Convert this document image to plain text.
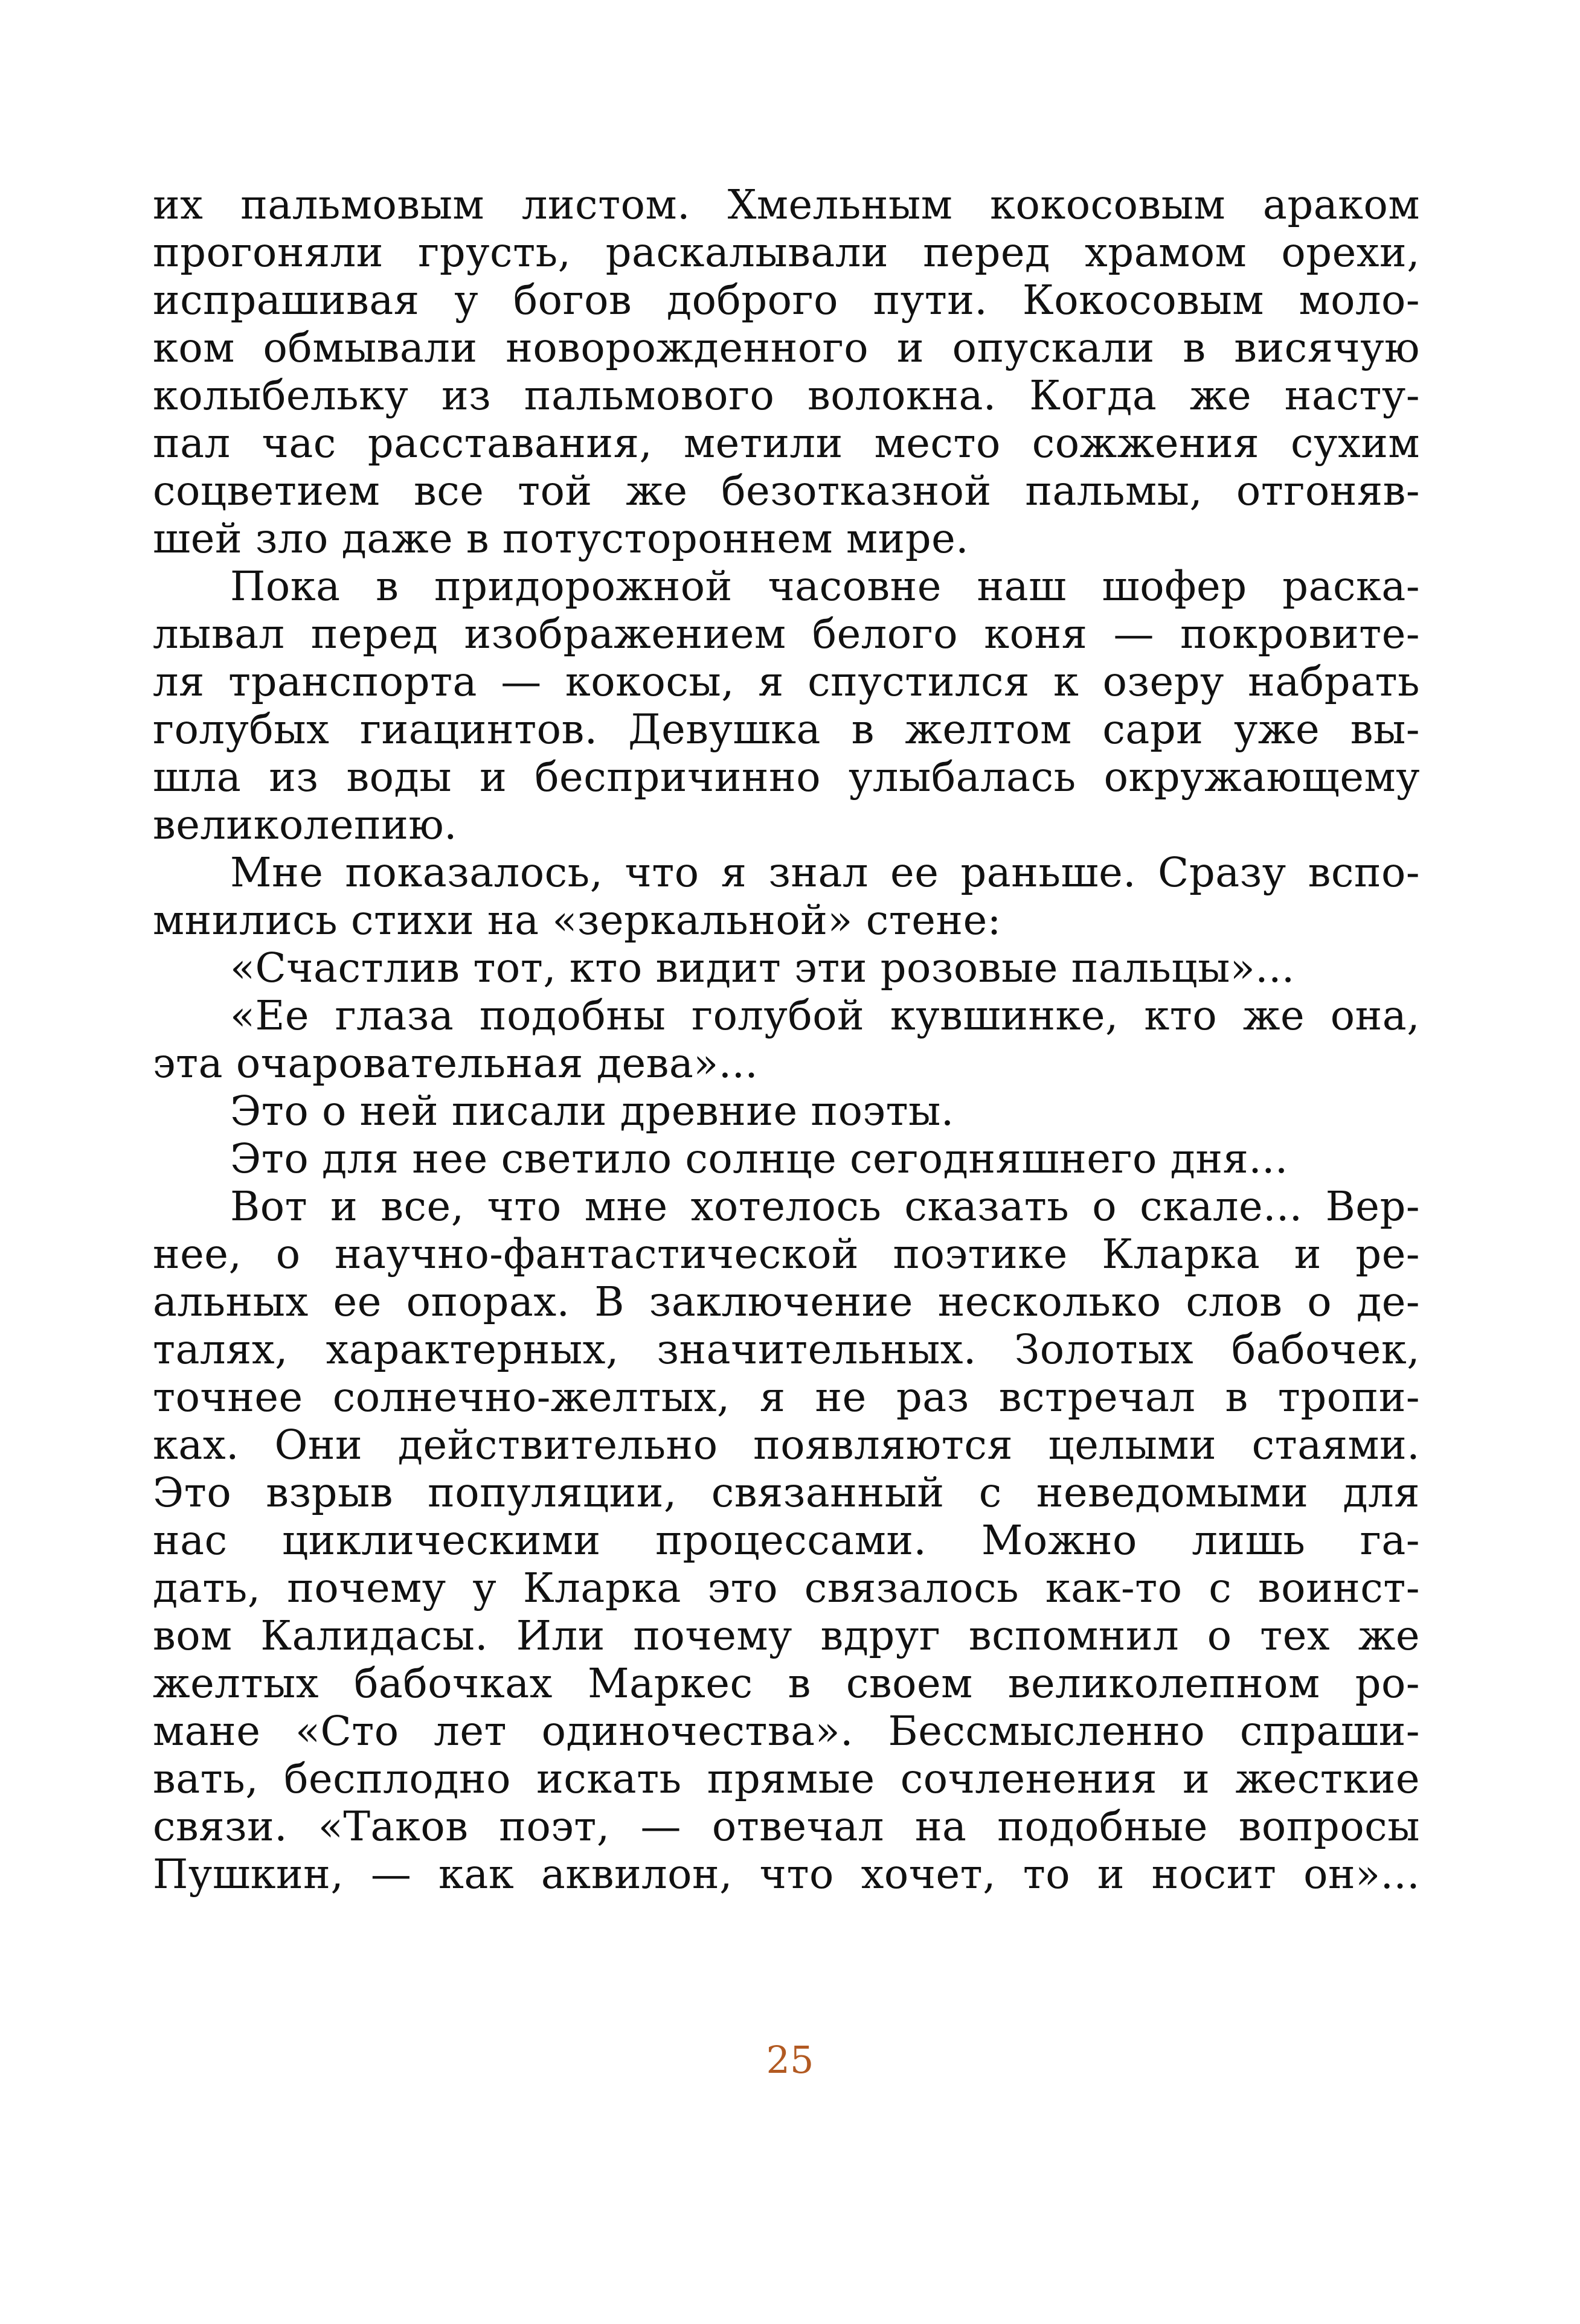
их пальмовым листом. Хмельным кокосовым араком
прогоняли грусть, раскалывали перед храмом орехи,
испрашивая у богов доброго пути. Кокосовым моло-
ком обмывали новорожденного и опускали в висячую
колыбельку из пальмового волокна. Когда же насту-
пал час расставания, метили место сожжения сухим
соцветием все той же безотказной пальмы, отгоняв-
шей зло даже в потустороннем мире.
Пока в придорожной часовне наш шофер раска-
лывал перед изображением белого коня — покровите-
ля транспорта — кокосы, я спустился к озеру набрать
голубых гиацинтов. Девушка в желтом сари уже вы-
шла из воды и беспричинно улыбалась окружающему
великолепию.
Мне показалось, что я знал ее раньше. Сразу вспо-
мнились стихи на «зеркальной» стене:
«Счастлив тот, кто видит эти розовые пальцы»...
«Ее глаза подобны голубой кувшинке, кто же она,
эта очаровательная дева»...
Это о ней писали древние поэты.
Это для нее светило солнце сегодняшнего дня...
Вот и все, что мне хотелось сказать о скале... Вер-
нее, о научно-фантастической поэтике Кларка и ре-
альных ее опорах. В заключение несколько слов о де-
талях, характерных, значительных. Золотых бабочек,
точнее солнечно-желтых, я не раз встречал в тропи-
ках. Они действительно появляются целыми стаями.
Это взрыв популяции, связанный с неведомыми для
нас циклическими процессами. Можно лишь га-
дать, почему у Кларка это связалось как-то с воинст-
вом Калидасы. Или почему вдруг вспомнил о тех же
желтых бабочках Маркес в своем великолепном ро-
мане «Сто лет одиночества». Бессмысленно спраши-
вать, бесплодно искать прямые сочленения и жесткие
связи. «Таков поэт, — отвечал на подобные вопросы
Пушкин, — как аквилон, что хочет, то и носит он»...
25
